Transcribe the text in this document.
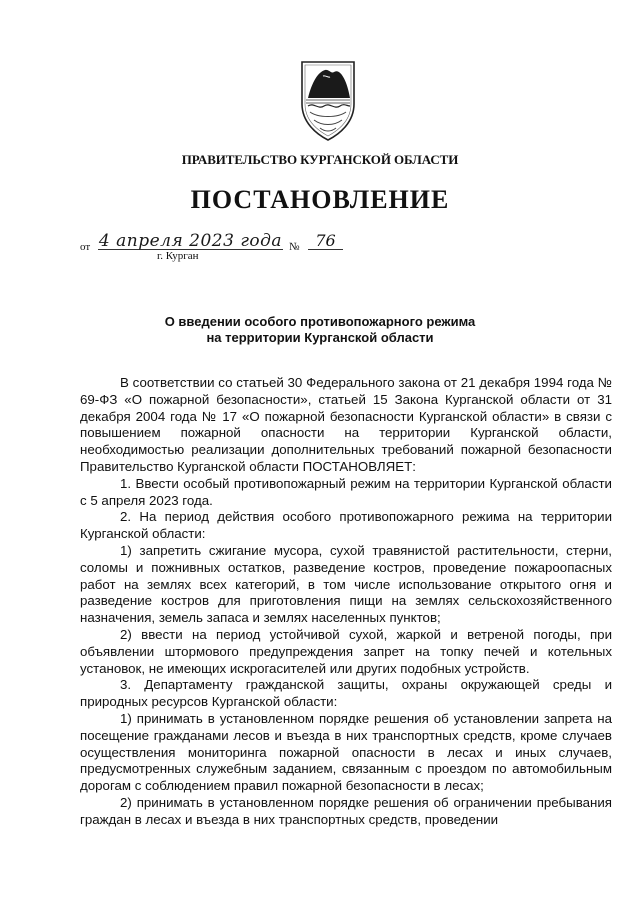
ПРАВИТЕЛЬСТВО КУРГАНСКОЙ ОБЛАСТИ
ПОСТАНОВЛЕНИЕ
от 4 апреля 2023 года № 76
г. Курган
О введении особого противопожарного режима
на территории Курганской области

В соответствии со статьей 30 Федерального закона от 21 декабря 1994 года № 69-ФЗ «О пожарной безопасности», статьей 15 Закона Курганской области от 31 декабря 2004 года № 17 «О пожарной безопасности Курганской области» в связи с повышением пожарной опасности на территории Курганской области, необходимостью реализации дополнительных требований пожарной безопасности Правительство Курганской области ПОСТАНОВЛЯЕТ:

1. Ввести особый противопожарный режим на территории Курганской области с 5 апреля 2023 года.

2. На период действия особого противопожарного режима на территории Курганской области:

1) запретить сжигание мусора, сухой травянистой растительности, стерни, соломы и пожнивных остатков, разведение костров, проведение пожароопасных работ на землях всех категорий, в том числе использование открытого огня и разведение костров для приготовления пищи на землях сельскохозяйственного назначения, земель запаса и землях населенных пунктов;

2) ввести на период устойчивой сухой, жаркой и ветреной погоды, при объявлении штормового предупреждения запрет на топку печей и котельных установок, не имеющих искрогасителей или других подобных устройств.

3. Департаменту гражданской защиты, охраны окружающей среды и природных ресурсов Курганской области:

1) принимать в установленном порядке решения об установлении запрета на посещение гражданами лесов и въезда в них транспортных средств, кроме случаев осуществления мониторинга пожарной опасности в лесах и иных случаев, предусмотренных служебным заданием, связанным с проездом по автомобильным дорогам с соблюдением правил пожарной безопасности в лесах;

2) принимать в установленном порядке решения об ограничении пребывания граждан в лесах и въезда в них транспортных средств, проведении
